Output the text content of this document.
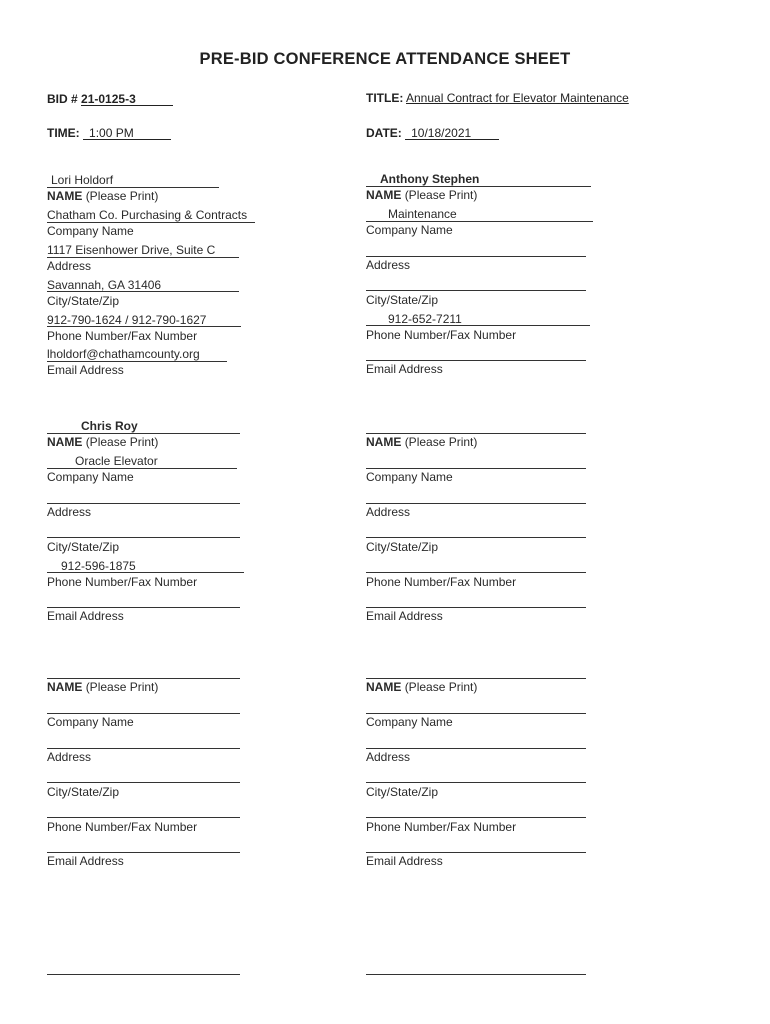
PRE-BID CONFERENCE ATTENDANCE SHEET
BID # 21-0125-3	TITLE: Annual Contract for Elevator Maintenance
TIME: 1:00 PM	DATE: 10/18/2021
Lori Holdorf
NAME (Please Print)
Chatham Co. Purchasing & Contracts
Company Name
1117 Eisenhower Drive, Suite C
Address
Savannah, GA 31406
City/State/Zip
912-790-1624 / 912-790-1627
Phone Number/Fax Number
lholdorf@chathamcounty.org
Email Address
Anthony Stephen
NAME (Please Print)
Maintenance
Company Name
Address
City/State/Zip
912-652-7211
Phone Number/Fax Number
Email Address
Chris Roy
NAME (Please Print)
Oracle Elevator
Company Name
Address
City/State/Zip
912-596-1875
Phone Number/Fax Number
Email Address
NAME (Please Print)
Company Name
Address
City/State/Zip
Phone Number/Fax Number
Email Address
NAME (Please Print)
Company Name
Address
City/State/Zip
Phone Number/Fax Number
Email Address
NAME (Please Print)
Company Name
Address
City/State/Zip
Phone Number/Fax Number
Email Address
